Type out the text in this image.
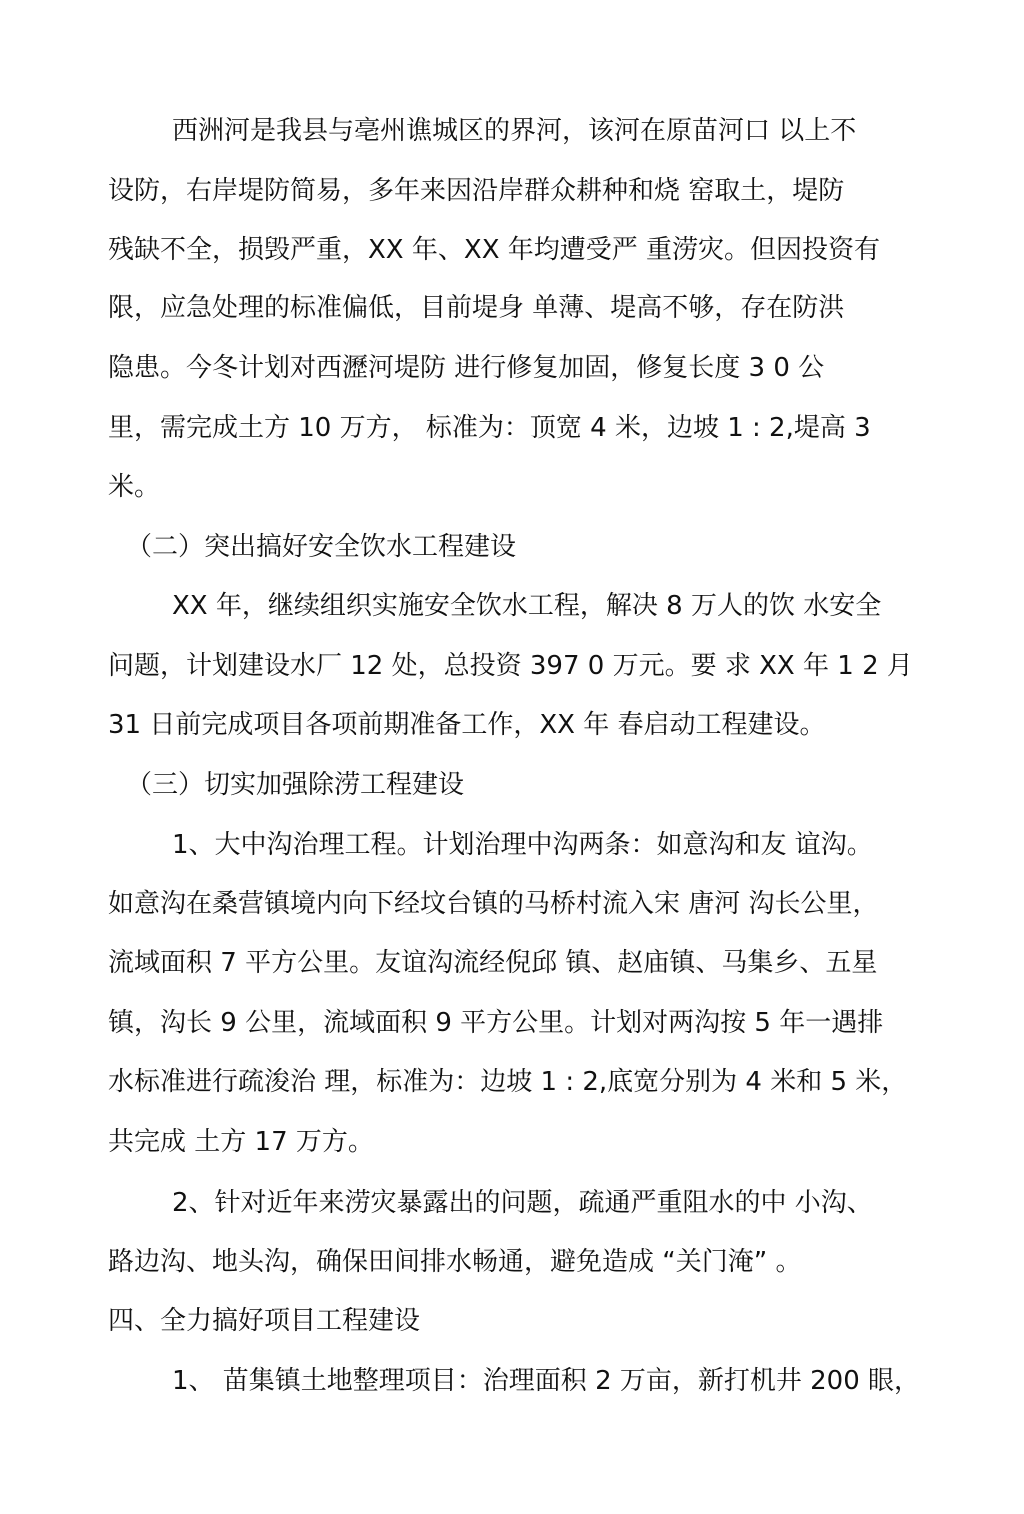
西洲河是我县与亳州谯城区的界河，该河在原苗河口 以上不
设防，右岸堤防简易，多年来因沿岸群众耕种和烧 窑取土，堤防
残缺不全，损毁严重，XX 年、XX 年均遭受严 重涝灾。但因投资有
限，应急处理的标准偏低，目前堤身 单薄、堤高不够，存在防洪
隐患。今冬计划对西瀝河堤防 进行修复加固，修复长度 3 0 公
里，需完成土方 10 万方， 标准为：顶宽 4 米，边坡 1 : 2,堤高 3
米。
（二）突出搞好安全饮水工程建设
XX 年，继续组织实施安全饮水工程，解决 8 万人的饮 水安全
问题，计划建设水厂 12 处，总投资 397 0 万元。要 求 XX 年 1 2 月
31 日前完成项目各项前期准备工作，XX 年 春启动工程建设。
（三）切实加强除涝工程建设
1、大中沟治理工程。计划治理中沟两条：如意沟和友 谊沟。
如意沟在桑营镇境内向下经坟台镇的马桥村流入宋 唐河 沟长公里，
流域面积 7 平方公里。友谊沟流经倪邱 镇、赵庙镇、马集乡、五星
镇，沟长 9 公里，流域面积 9 平方公里。计划对两沟按 5 年一遇排
水标准进行疏浚治 理，标准为：边坡 1 : 2,底宽分别为 4 米和 5 米，
共完成 土方 17 万方。
2、针对近年来涝灾暴露出的问题，疏通严重阻水的中 小沟、
路边沟、地头沟，确保田间排水畅通，避免造成 “关门淹” 。
四、全力搞好项目工程建设
1、 苗集镇土地整理项目：治理面积 2 万亩，新打机井 200 眼，
